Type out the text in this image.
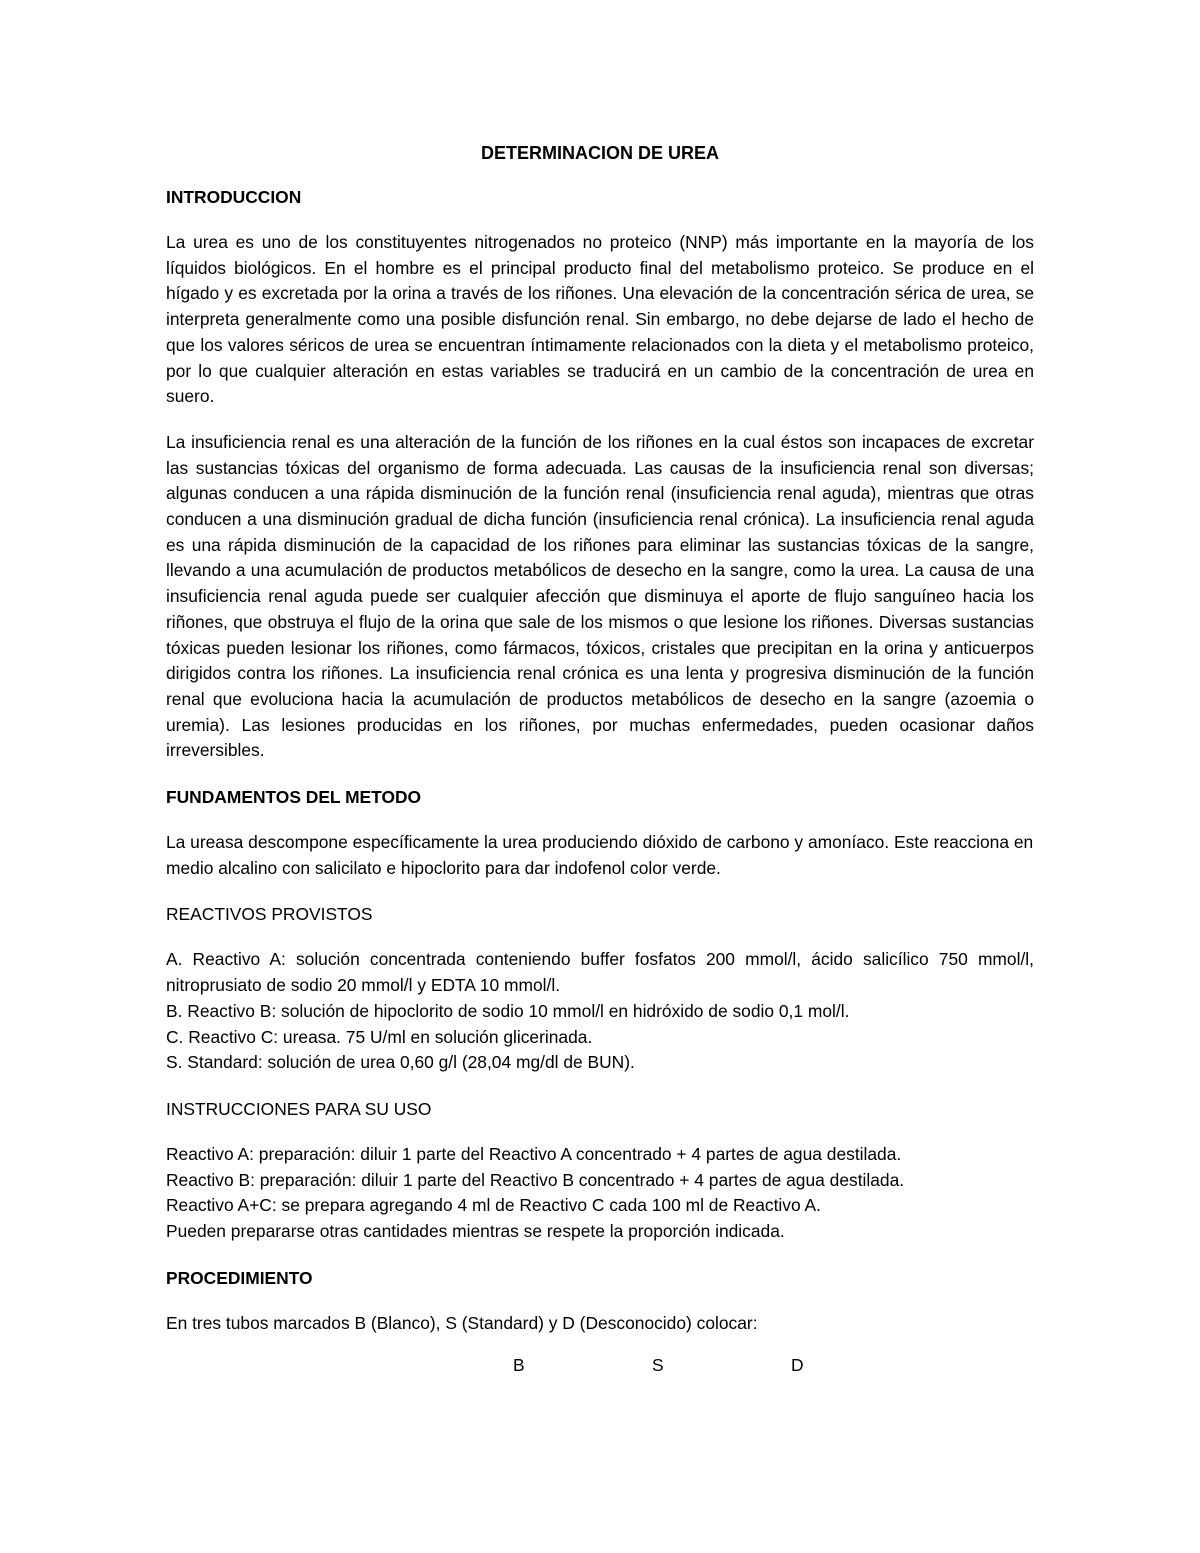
DETERMINACION DE UREA
INTRODUCCION

La urea es uno de los constituyentes nitrogenados no proteico (NNP) más importante en la mayoría de los líquidos biológicos. En el hombre es el principal producto final del metabolismo proteico. Se produce en el hígado y es excretada por la orina a través de los riñones. Una elevación de la concentración sérica de urea, se interpreta generalmente como una posible disfunción renal. Sin embargo, no debe dejarse de lado el hecho de que los valores séricos de urea se encuentran íntimamente relacionados con la dieta y el metabolismo proteico, por lo que cualquier alteración en estas variables se traducirá en un cambio de la concentración de urea en suero.

La insuficiencia renal es una alteración de la función de los riñones en la cual éstos son incapaces de excretar las sustancias tóxicas del organismo de forma adecuada. Las causas de la insuficiencia renal son diversas; algunas conducen a una rápida disminución de la función renal (insuficiencia renal aguda), mientras que otras conducen a una disminución gradual de dicha función (insuficiencia renal crónica). La insuficiencia renal aguda es una rápida disminución de la capacidad de los riñones para eliminar las sustancias tóxicas de la sangre, llevando a una acumulación de productos metabólicos de desecho en la sangre, como la urea. La causa de una insuficiencia renal aguda puede ser cualquier afección que disminuya el aporte de flujo sanguíneo hacia los riñones, que obstruya el flujo de la orina que sale de los mismos o que lesione los riñones. Diversas sustancias tóxicas pueden lesionar los riñones, como fármacos, tóxicos, cristales que precipitan en la orina y anticuerpos dirigidos contra los riñones. La insuficiencia renal crónica es una lenta y progresiva disminución de la función renal que evoluciona hacia la acumulación de productos metabólicos de desecho en la sangre (azoemia o uremia). Las lesiones producidas en los riñones, por muchas enfermedades, pueden ocasionar daños irreversibles.

FUNDAMENTOS DEL METODO

La ureasa descompone específicamente la urea produciendo dióxido de carbono y amoníaco. Este reacciona en medio alcalino con salicilato e hipoclorito para dar indofenol color verde.

REACTIVOS PROVISTOS
A. Reactivo A: solución concentrada conteniendo buffer fosfatos 200 mmol/l, ácido salicílico 750 mmol/l, nitroprusiato de sodio 20 mmol/l y EDTA 10 mmol/l.
B. Reactivo B: solución de hipoclorito de sodio 10 mmol/l en hidróxido de sodio 0,1 mol/l.
C. Reactivo C: ureasa. 75 U/ml en solución glicerinada.
S. Standard: solución de urea 0,60 g/l (28,04 mg/dl de BUN).
INSTRUCCIONES PARA SU USO
Reactivo A: preparación: diluir 1 parte del Reactivo A concentrado + 4 partes de agua destilada.
Reactivo B: preparación: diluir 1 parte del Reactivo B concentrado + 4 partes de agua destilada.
Reactivo A+C: se prepara agregando 4 ml de Reactivo C cada 100 ml de Reactivo A.
Pueden prepararse otras cantidades mientras se respete la proporción indicada.
PROCEDIMIENTO

En tres tubos marcados B (Blanco), S (Standard) y D (Desconocido) colocar:

B	S	D
